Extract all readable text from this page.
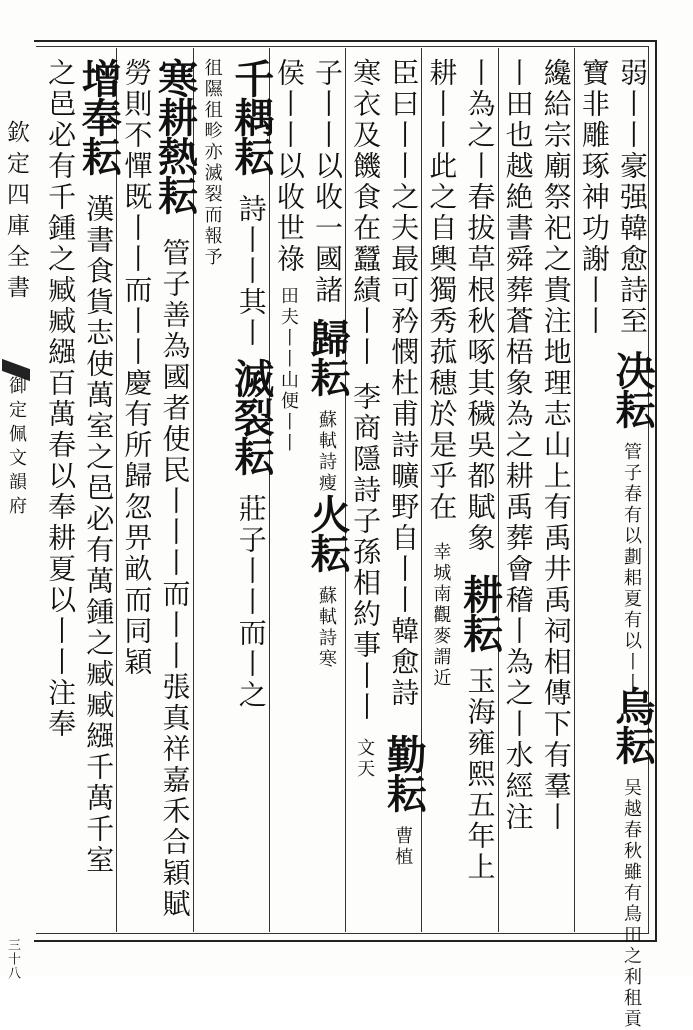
欽定四庫全書
御定佩文韻府
三十八
弱丨丨豪强韓愈詩至
决耘
管子春有以劃耜夏有以丨丨
烏耘
吴越春秋雖有鳥田之利租貢
寶非雕琢神功謝丨丨
纔給宗廟祭祀之貴注地理志山上有禹井禹祠相傳下有羣丨
丨田也越絶書舜葬蒼梧象為之耕禹葬會稽丨為之丨水經注
丨為之丨春拔草根秋啄其穢吳都賦象
耕耘
玉海雍熙五年上
耕丨丨此之自輿獨秀菰穗於是乎在
幸城南觀麥謂近
臣曰丨丨之夫最可矜憫杜甫詩曠野自丨丨韓愈詩
勤耘
曹植
寒衣及饑食在蠶績丨丨
李商隱詩子孫相約事丨丨
文天
子丨丨以收一國諸
歸耘
蘇軾詩瘦
火耘
蘇軾詩寒
侯丨丨以收世祿
田夫丨丨
山便丨丨
千耦耘
詩丨丨其丨
滅裂耘
莊子丨丨而丨之
徂隰徂畛
亦滅裂而報予
寒耕熱耘
管子善為國者使民丨丨丨而丨丨張真祥嘉禾合穎賦
勞則不憚既丨丨而丨丨慶有所歸忽畀畝而同穎
增奉耘
漢書食貨志使萬室之邑必有萬鍾之臧臧繦千萬千室
之邑必有千鍾之臧臧繦百萬春以奉耕夏以丨丨注奉
